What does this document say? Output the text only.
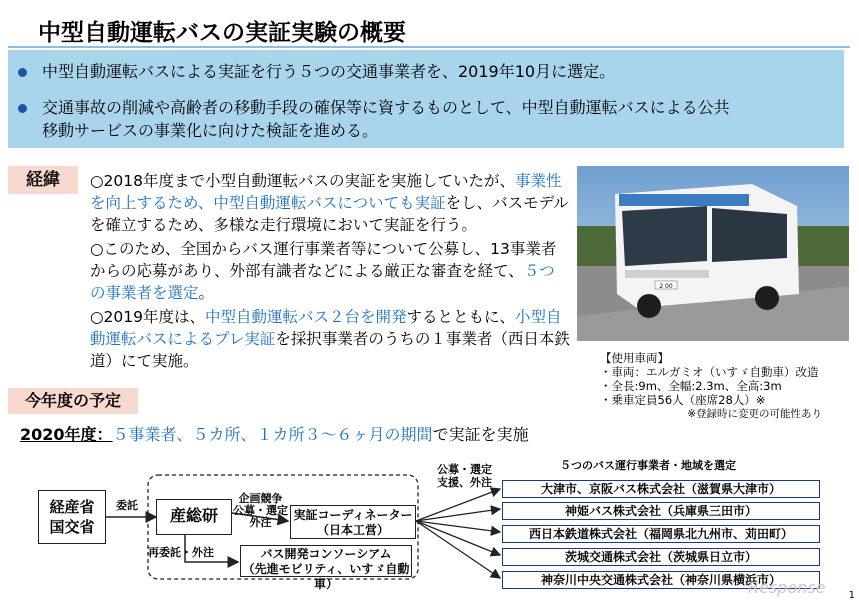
中型自動運転バスの実証実験の概要
中型自動運転バスによる実証を行う５つの交通事業者を、2019年10月に選定。
交通事故の削減や高齢者の移動手段の確保等に資するものとして、中型自動運転バスによる公共
移動サービスの事業化に向けた検証を進める。
経緯	○2018年度まで小型自動運転バスの実証を実施していたが、事業性を向上するため、中型自動運転バスについても実証をし、バスモデルを確立するため、多様な走行環境において実証を行う。
○このため、全国からバス運行事業者等について公募し、13事業者からの応募があり、外部有識者などによる厳正な審査を経て、５つの事業者を選定。
○2019年度は、中型自動運転バス２台を開発するとともに、小型自動運転バスによるプレ実証を採択事業者のうちの１事業者（西日本鉄道）にて実施。
2 00
【使用車両】
・車両：エルガミオ（いすゞ自動車）改造
・全長:9m、全幅:2.3m、全高:3m
・乗車定員56人（座席28人）※
※登録時に変更の可能性あり
今年度の予定
2020年度：５事業者、５カ所、１カ所３～６ヶ月の期間で実証を実施
経産省
国交省
委託
産総研
再委託・外注
企画競争
公募・選定
外注
実証コーディネーター
（日本工営）
バス開発コンソーシアム
（先進モビリティ、いすゞ自動車）
公募・選定
支援、外注
５つのバス運行事業者・地域を選定
大津市、京阪バス株式会社（滋賀県大津市）
神姫バス株式会社（兵庫県三田市）
西日本鉄道株式会社（福岡県北九州市、苅田町）
茨城交通株式会社（茨城県日立市）
神奈川中央交通株式会社（神奈川県横浜市）
Response 1
